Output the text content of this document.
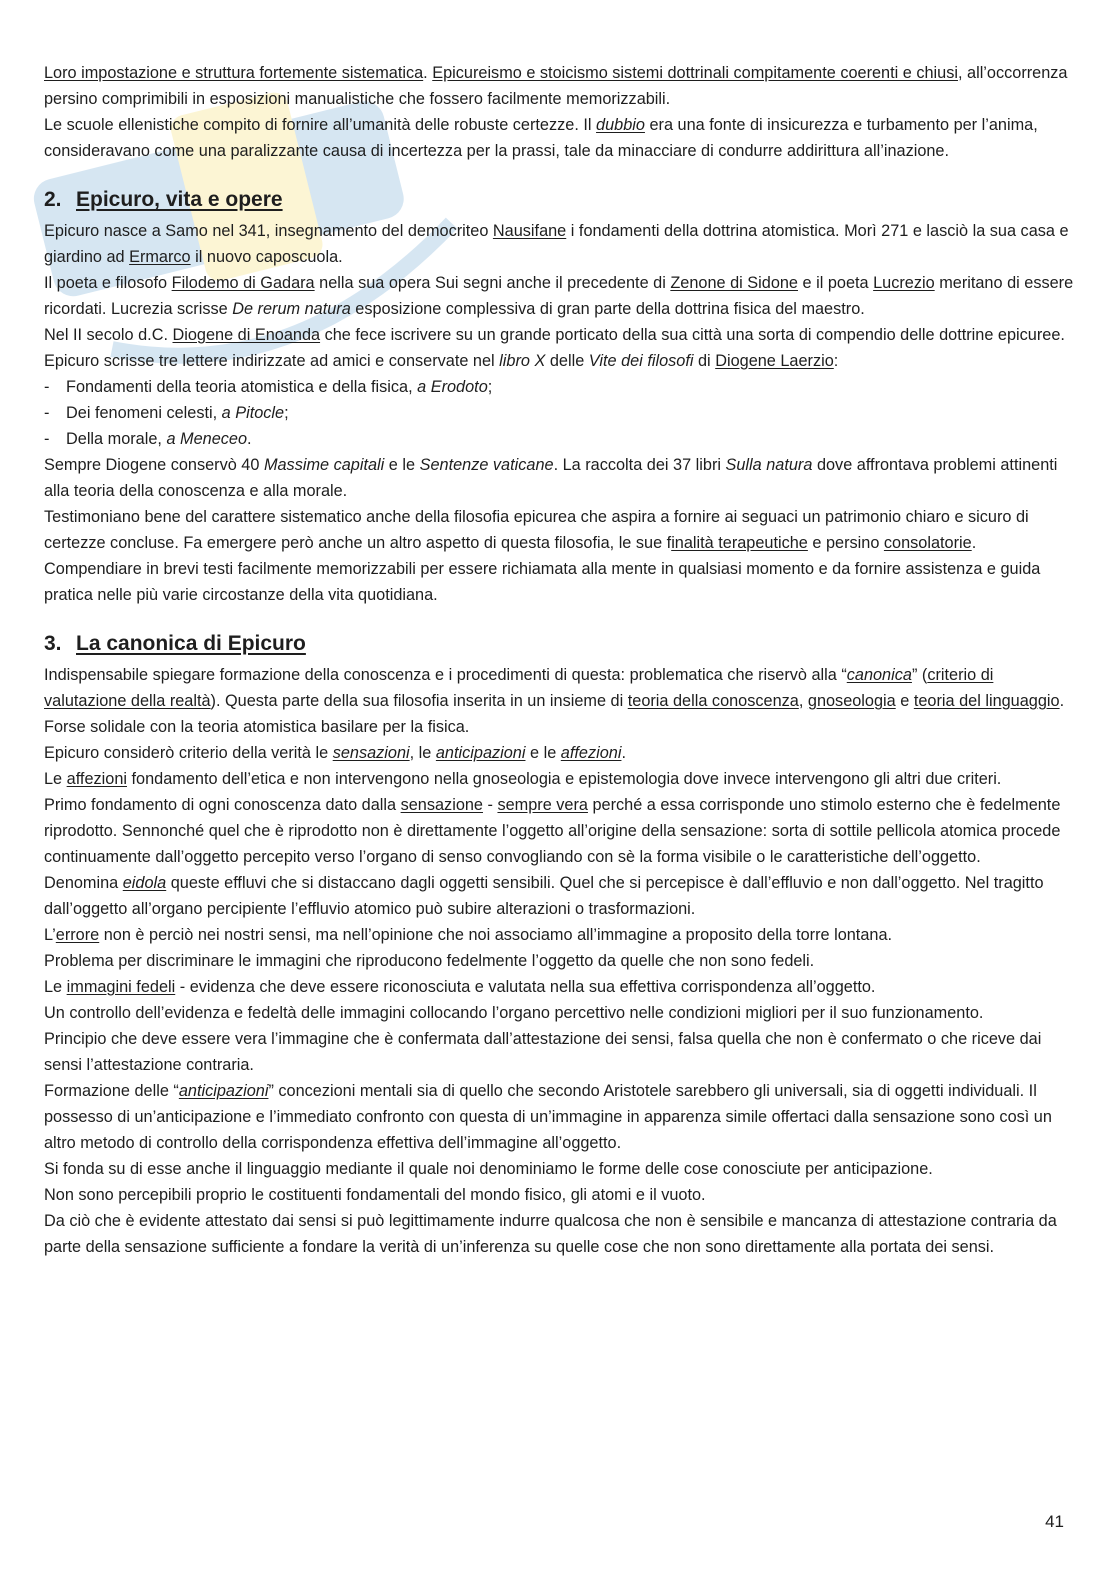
Loro impostazione e struttura fortemente sistematica. Epicureismo e stoicismo sistemi dottrinali compitamente coerenti e chiusi, all’occorrenza persino comprimibili in esposizioni manualistiche che fossero facilmente memorizzabili.

Le scuole ellenistiche compito di fornire all’umanità delle robuste certezze. Il dubbio era una fonte di insicurezza e turbamento per l’anima, consideravano come una paralizzante causa di incertezza per la prassi, tale da minacciare di condurre addirittura all’inazione.

2. Epicuro, vita e opere

Epicuro nasce a Samo nel 341, insegnamento del democriteo Nausifane i fondamenti della dottrina atomistica. Morì 271 e lasciò la sua casa e giardino ad Ermarco il nuovo caposcuola.

Il poeta e filosofo Filodemo di Gadara nella sua opera Sui segni anche il precedente di Zenone di Sidone e il poeta Lucrezio meritano di essere ricordati. Lucrezia scrisse De rerum natura esposizione complessiva di gran parte della dottrina fisica del maestro.

Nel II secolo d.C. Diogene di Enoanda che fece iscrivere su un grande porticato della sua città una sorta di compendio delle dottrine epicuree.

Epicuro scrisse tre lettere indirizzate ad amici e conservate nel libro X delle Vite dei filosofi di Diogene Laerzio:

- Fondamenti della teoria atomistica e della fisica, a Erodoto;
- Dei fenomeni celesti, a Pitocle;
- Della morale, a Meneceo.

Sempre Diogene conservò 40 Massime capitali e le Sentenze vaticane. La raccolta dei 37 libri Sulla natura dove affrontava problemi attinenti alla teoria della conoscenza e alla morale.

Testimoniano bene del carattere sistematico anche della filosofia epicurea che aspira a fornire ai seguaci un patrimonio chiaro e sicuro di certezze concluse. Fa emergere però anche un altro aspetto di questa filosofia, le sue finalità terapeutiche e persino consolatorie. Compendiare in brevi testi facilmente memorizzabili per essere richiamata alla mente in qualsiasi momento e da fornire assistenza e guida pratica nelle più varie circostanze della vita quotidiana.

3. La canonica di Epicuro

Indispensabile spiegare formazione della conoscenza e i procedimenti di questa: problematica che riservò alla “canonica” (criterio di valutazione della realtà). Questa parte della sua filosofia inserita in un insieme di teoria della conoscenza, gnoseologia e teoria del linguaggio. Forse solidale con la teoria atomistica basilare per la fisica.

Epicuro considerò criterio della verità le sensazioni, le anticipazioni e le affezioni.

Le affezioni fondamento dell’etica e non intervengono nella gnoseologia e epistemologia dove invece intervengono gli altri due criteri.

Primo fondamento di ogni conoscenza dato dalla sensazione - sempre vera perché a essa corrisponde uno stimolo esterno che è fedelmente riprodotto. Sennonché quel che è riprodotto non è direttamente l’oggetto all’origine della sensazione: sorta di sottile pellicola atomica procede continuamente dall’oggetto percepito verso l’organo di senso convogliando con sè la forma visibile o le caratteristiche dell’oggetto.

Denomina eidola queste effluvi che si distaccano dagli oggetti sensibili. Quel che si percepisce è dall’effluvio e non dall’oggetto. Nel tragitto dall’oggetto all’organo percipiente l’effluvio atomico può subire alterazioni o trasformazioni.

L’errore non è perciò nei nostri sensi, ma nell’opinione che noi associamo all’immagine a proposito della torre lontana.

Problema per discriminare le immagini che riproducono fedelmente l’oggetto da quelle che non sono fedeli.

Le immagini fedeli - evidenza che deve essere riconosciuta e valutata nella sua effettiva corrispondenza all’oggetto.

Un controllo dell’evidenza e fedeltà delle immagini collocando l’organo percettivo nelle condizioni migliori per il suo funzionamento.

Principio che deve essere vera l’immagine che è confermata dall’attestazione dei sensi, falsa quella che non è confermato o che riceve dai sensi l’attestazione contraria.

Formazione delle “anticipazioni” concezioni mentali sia di quello che secondo Aristotele sarebbero gli universali, sia di oggetti individuali. Il possesso di un’anticipazione e l’immediato confronto con questa di un’immagine in apparenza simile offertaci dalla sensazione sono così un altro metodo di controllo della corrispondenza effettiva dell’immagine all’oggetto.

Si fonda su di esse anche il linguaggio mediante il quale noi denominiamo le forme delle cose conosciute per anticipazione.

Non sono percepibili proprio le costituenti fondamentali del mondo fisico, gli atomi e il vuoto.

Da ciò che è evidente attestato dai sensi si può legittimamente indurre qualcosa che non è sensibile e mancanza di attestazione contraria da parte della sensazione sufficiente a fondare la verità di un’inferenza su quelle cose che non sono direttamente alla portata dei sensi.

41
